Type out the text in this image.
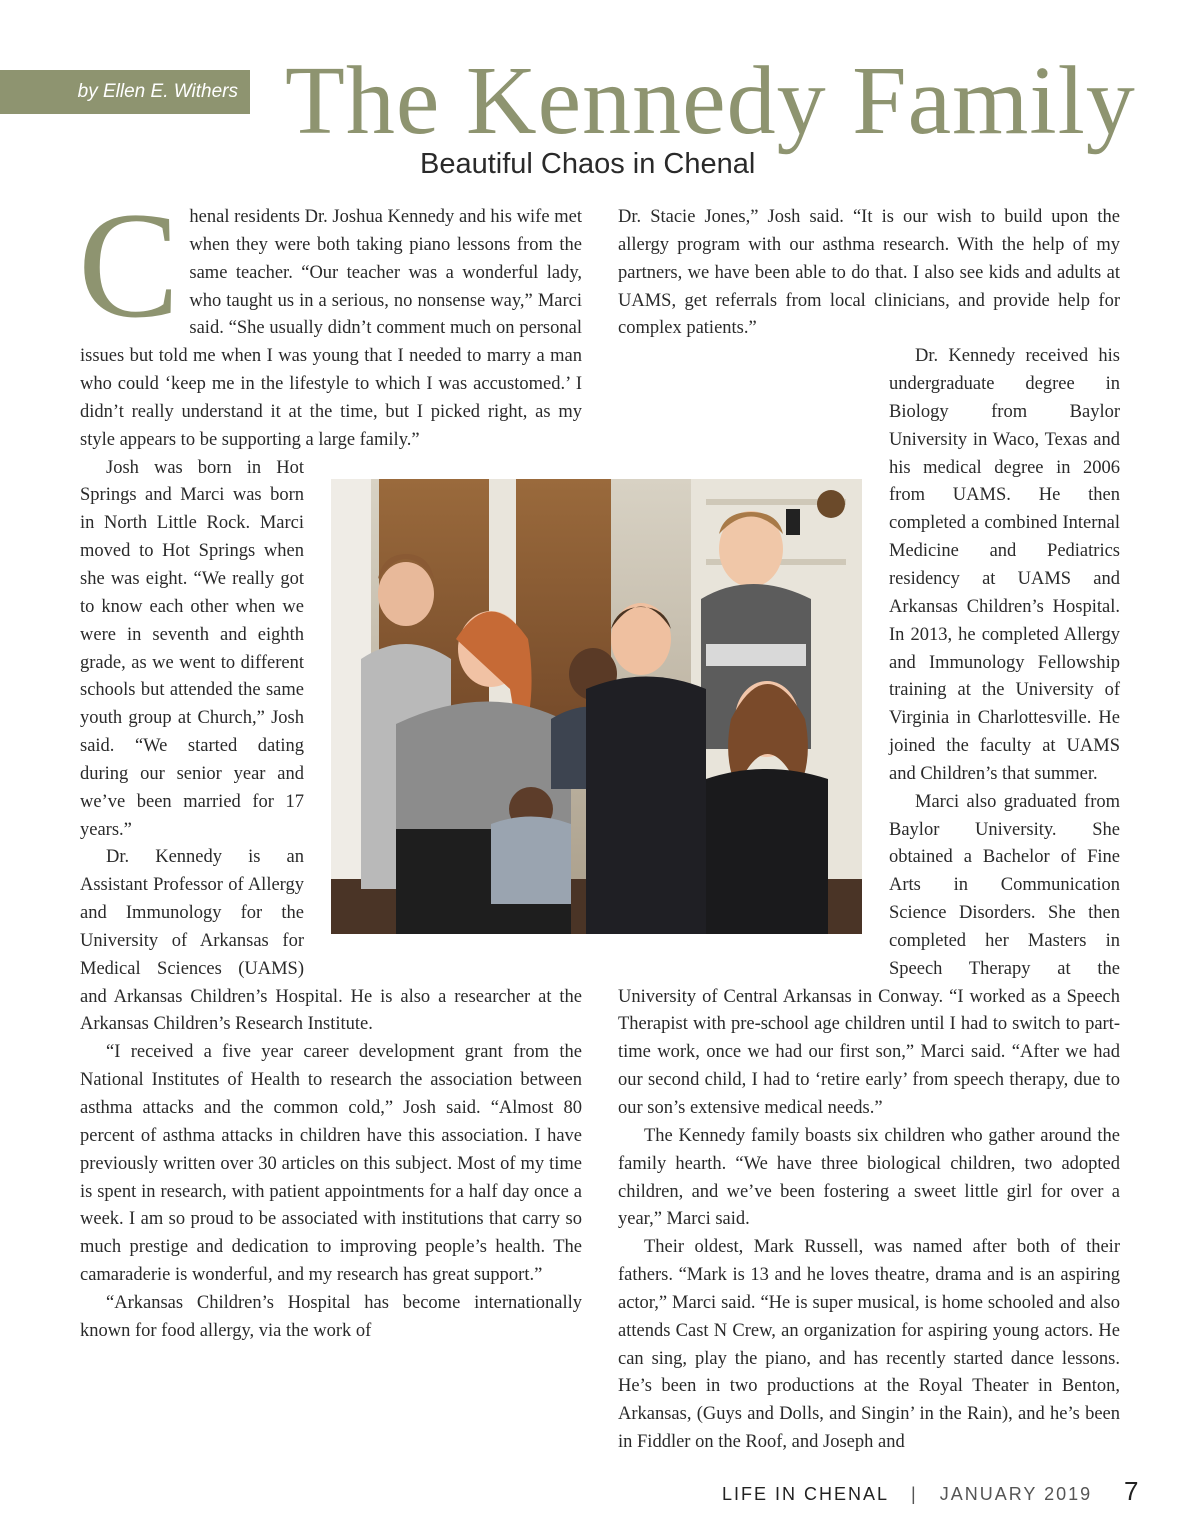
by Ellen E. Withers The Kennedy Family
Beautiful Chaos in Chenal
C henal residents Dr. Joshua Kennedy and his wife met when they were both taking piano lessons from the same teacher. “Our teacher was a wonderful lady, who taught us in a serious, no nonsense way,” Marci said. “She usually didn’t comment much on personal issues but told me when I was young that I needed to marry a man who could ‘keep me in the lifestyle to which I was accustomed.’ I didn’t really understand it at the time, but I picked right, as my style appears to be supporting a large family.”

Josh was born in Hot Springs and Marci was born in North Little Rock. Marci moved to Hot Springs when she was eight. “We really got to know each other when we were in seventh and eighth grade, as we went to different schools but attended the same youth group at Church,” Josh said. “We started dating during our senior year and we’ve been married for 17 years.”

Dr. Kennedy is an Assistant Professor of Allergy and Immunology for the University of Arkansas for Medical Sciences (UAMS) and Arkansas Children’s Hospital. He is also a researcher at the Arkansas Children’s Research Institute.

“I received a five year career development grant from the National Institutes of Health to research the association between asthma attacks and the common cold,” Josh said. “Almost 80 percent of asthma attacks in children have this association. I have previously written over 30 articles on this subject. Most of my time is spent in research, with patient appointments for a half day once a week. I am so proud to be associated with institutions that carry so much prestige and dedication to improving people’s health. The camaraderie is wonderful, and my research has great support.”

“Arkansas Children’s Hospital has become internationally known for food allergy, via the work of

Dr. Stacie Jones,” Josh said. “It is our wish to build upon the allergy program with our asthma research. With the help of my partners, we have been able to do that. I also see kids and adults at UAMS, get referrals from local clinicians, and provide help for complex patients.”

Dr. Kennedy received his undergraduate degree in Biology from Baylor University in Waco, Texas and his medical degree in 2006 from UAMS. He then completed a combined Internal Medicine and Pediatrics residency at UAMS and Arkansas Children’s Hospital. In 2013, he completed Allergy and Immunology Fellowship training at the University of Virginia in Charlottesville. He joined the faculty at UAMS and Children’s that summer.

Marci also graduated from Baylor University. She obtained a Bachelor of Fine Arts in Communication Science Disorders. She then completed her Masters in Speech Therapy at the University of Central Arkansas in Conway. “I worked as a Speech Therapist with pre-school age children until I had to switch to part-time work, once we had our first son,” Marci said. “After we had our second child, I had to ‘retire early’ from speech therapy, due to our son’s extensive medical needs.”

The Kennedy family boasts six children who gather around the family hearth. “We have three biological children, two adopted children, and we’ve been fostering a sweet little girl for over a year,” Marci said.

Their oldest, Mark Russell, was named after both of their fathers. “Mark is 13 and he loves theatre, drama and is an aspiring actor,” Marci said. “He is super musical, is home schooled and also attends Cast N Crew, an organization for aspiring young actors. He can sing, play the piano, and has recently started dance lessons. He’s been in two productions at the Royal Theater in Benton, Arkansas, (Guys and Dolls, and Singin’ in the Rain), and he’s been in Fiddler on the Roof, and Joseph and

LIFE IN CHENAL | JANUARY 2019 7
